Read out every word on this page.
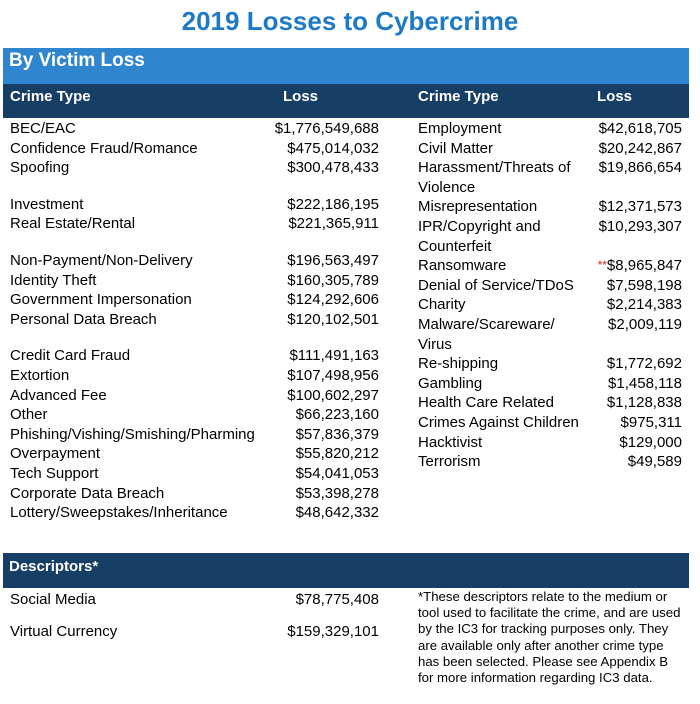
2019 Losses to Cybercrime
By Victim Loss
Crime Type	Loss	Crime Type	Loss
BEC/EAC	$1,776,549,688
Confidence Fraud/Romance	$475,014,032
Spoofing	$300,478,433
Investment	$222,186,195
Real Estate/Rental	$221,365,911
Non-Payment/Non-Delivery	$196,563,497
Identity Theft	$160,305,789
Government Impersonation	$124,292,606
Personal Data Breach	$120,102,501
Credit Card Fraud	$111,491,163
Extortion	$107,498,956
Advanced Fee	$100,602,297
Other	$66,223,160
Phishing/Vishing/Smishing/Pharming	$57,836,379
Overpayment	$55,820,212
Tech Support	$54,041,053
Corporate Data Breach	$53,398,278
Lottery/Sweepstakes/Inheritance	$48,642,332
Employment	$42,618,705
Civil Matter	$20,242,867
Harassment/Threats of Violence
$19,866,654
Misrepresentation	$12,371,573
IPR/Copyright and Counterfeit
$10,293,307
Ransomware	**$8,965,847
Denial of Service/TDoS	$7,598,198
Charity	$2,214,383
Malware/Scareware/ Virus
$2,009,119
Re-shipping	$1,772,692
Gambling	$1,458,118
Health Care Related	$1,128,838
Crimes Against Children	$975,311
Hacktivist	$129,000
Terrorism	$49,589
Descriptors*
Social Media	$78,775,408
Virtual Currency	$159,329,101
*These descriptors relate to the medium or tool used to facilitate the crime, and are used by the IC3 for tracking purposes only. They are available only after another crime type has been selected. Please see Appendix B for more information regarding IC3 data.
